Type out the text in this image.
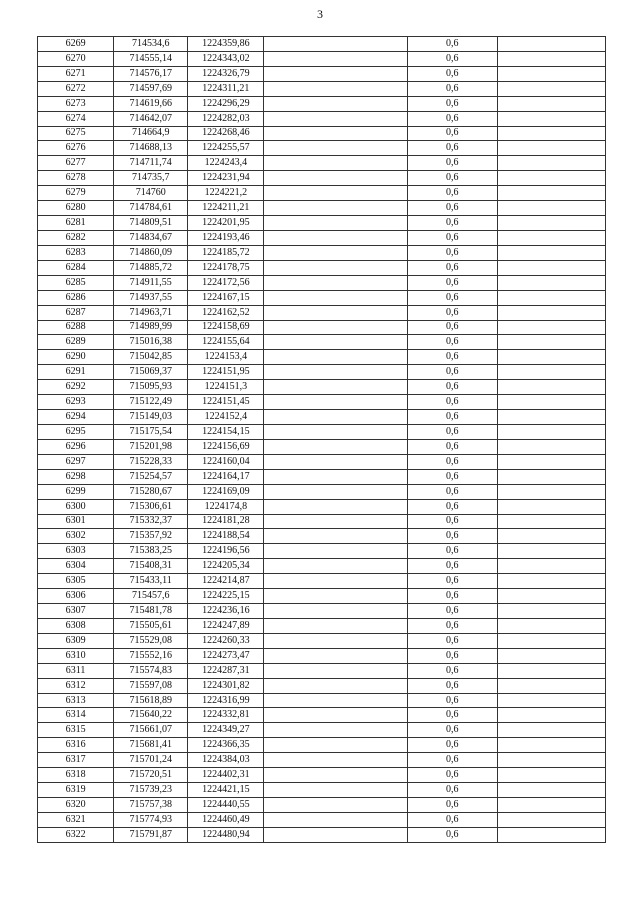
3
6269	714534,6	1224359,86		0,6	
6270	714555,14	1224343,02		0,6	
6271	714576,17	1224326,79		0,6	
6272	714597,69	1224311,21		0,6	
6273	714619,66	1224296,29		0,6	
6274	714642,07	1224282,03		0,6	
6275	714664,9	1224268,46		0,6	
6276	714688,13	1224255,57		0,6	
6277	714711,74	1224243,4		0,6	
6278	714735,7	1224231,94		0,6	
6279	714760	1224221,2		0,6	
6280	714784,61	1224211,21		0,6	
6281	714809,51	1224201,95		0,6	
6282	714834,67	1224193,46		0,6	
6283	714860,09	1224185,72		0,6	
6284	714885,72	1224178,75		0,6	
6285	714911,55	1224172,56		0,6	
6286	714937,55	1224167,15		0,6	
6287	714963,71	1224162,52		0,6	
6288	714989,99	1224158,69		0,6	
6289	715016,38	1224155,64		0,6	
6290	715042,85	1224153,4		0,6	
6291	715069,37	1224151,95		0,6	
6292	715095,93	1224151,3		0,6	
6293	715122,49	1224151,45		0,6	
6294	715149,03	1224152,4		0,6	
6295	715175,54	1224154,15		0,6	
6296	715201,98	1224156,69		0,6	
6297	715228,33	1224160,04		0,6	
6298	715254,57	1224164,17		0,6	
6299	715280,67	1224169,09		0,6	
6300	715306,61	1224174,8		0,6	
6301	715332,37	1224181,28		0,6	
6302	715357,92	1224188,54		0,6	
6303	715383,25	1224196,56		0,6	
6304	715408,31	1224205,34		0,6	
6305	715433,11	1224214,87		0,6	
6306	715457,6	1224225,15		0,6	
6307	715481,78	1224236,16		0,6	
6308	715505,61	1224247,89		0,6	
6309	715529,08	1224260,33		0,6	
6310	715552,16	1224273,47		0,6	
6311	715574,83	1224287,31		0,6	
6312	715597,08	1224301,82		0,6	
6313	715618,89	1224316,99		0,6	
6314	715640,22	1224332,81		0,6	
6315	715661,07	1224349,27		0,6	
6316	715681,41	1224366,35		0,6	
6317	715701,24	1224384,03		0,6	
6318	715720,51	1224402,31		0,6	
6319	715739,23	1224421,15		0,6	
6320	715757,38	1224440,55		0,6	
6321	715774,93	1224460,49		0,6	
6322	715791,87	1224480,94		0,6	
